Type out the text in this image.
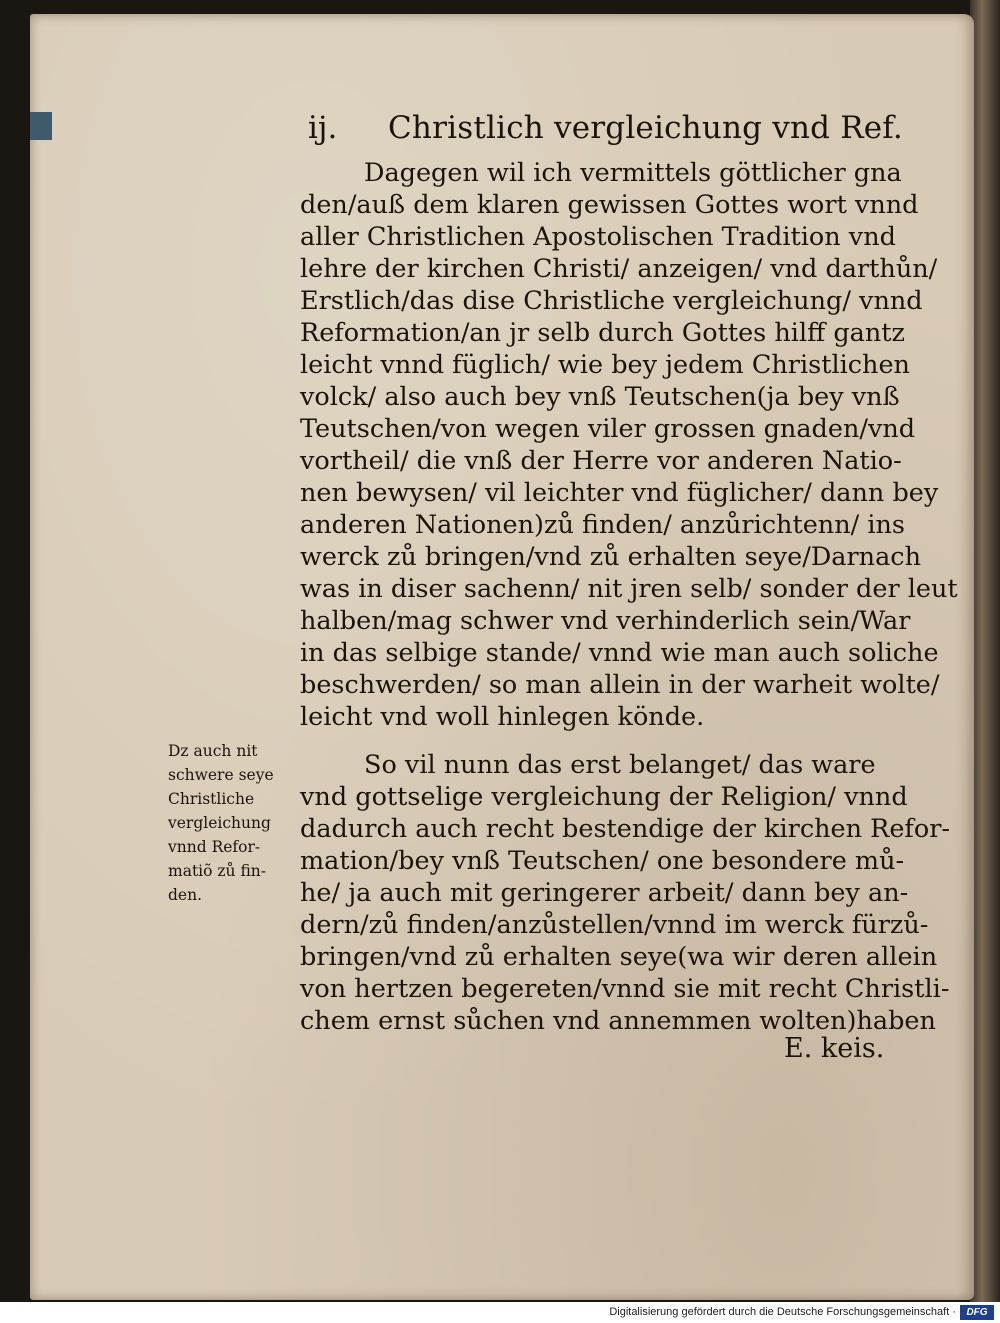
ij. Christlich vergleichung vnd Ref.
Dagegen wil ich vermittels göttlicher gna
den/auß dem klaren gewissen Gottes wort vnnd
aller Christlichen Apostolischen Tradition vnd
lehre der kirchen Christi/ anzeigen/ vnd darthůn/
Erstlich/das dise Christliche vergleichung/ vnnd
Reformation/an jr selb durch Gottes hilff gantz
leicht vnnd füglich/ wie bey jedem Christlichen
volck/ also auch bey vnß Teutschen(ja bey vnß
Teutschen/von wegen viler grossen gnaden/vnd
vortheil/ die vnß der Herre vor anderen Natio-
nen bewysen/ vil leichter vnd füglicher/ dann bey
anderen Nationen)zů finden/ anzůrichtenn/ ins
werck zů bringen/vnd zů erhalten seye/Darnach
was in diser sachenn/ nit jren selb/ sonder der leut
halben/mag schwer vnd verhinderlich sein/War
in das selbige stande/ vnnd wie man auch soliche
beschwerden/ so man allein in der warheit wolte/
leicht vnd woll hinlegen könde.
So vil nunn das erst belanget/ das ware
vnd gottselige vergleichung der Religion/ vnnd
dadurch auch recht bestendige der kirchen Refor-
mation/bey vnß Teutschen/ one besondere mů-
he/ ja auch mit geringerer arbeit/ dann bey an-
dern/zů finden/anzůstellen/vnnd im werck fürzů-
bringen/vnd zů erhalten seye(wa wir deren allein
von hertzen begereten/vnnd sie mit recht Christli-
chem ernst sůchen vnd annemmen wolten)haben
E. keis.
Dz auch nit
schwere seye
Christliche
vergleichung
vnnd Refor-
matiõ zů fin-
den.
Digitalisierung gefördert durch die Deutsche Forschungsgemeinschaft ·	DFG
